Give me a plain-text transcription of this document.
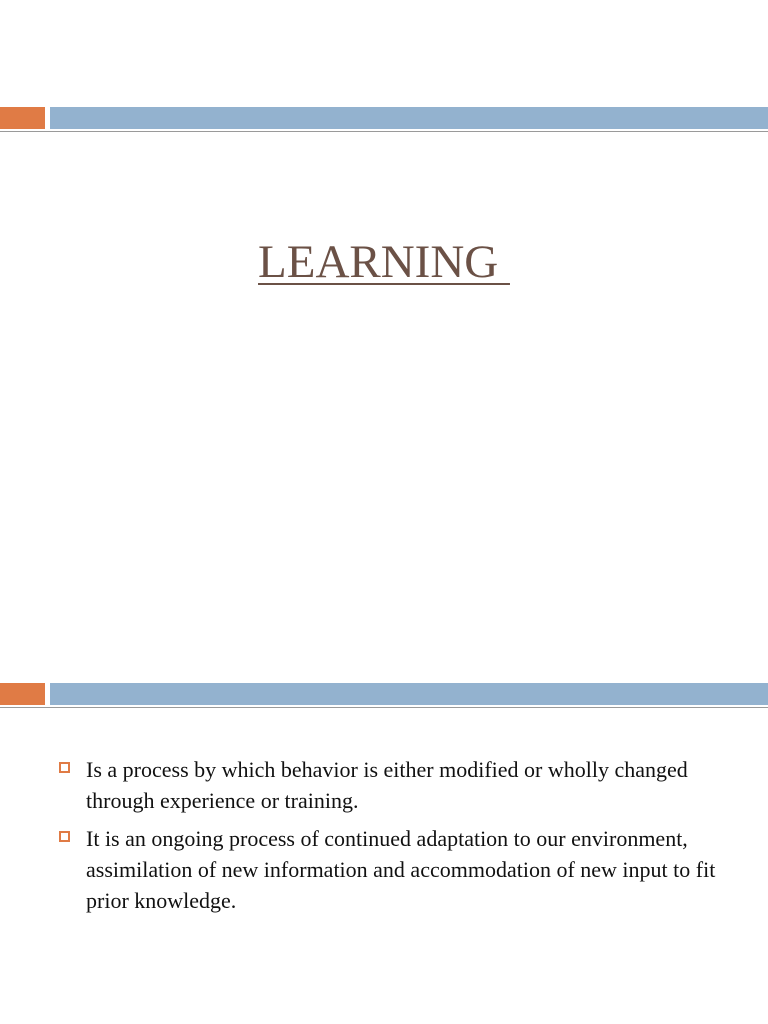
LEARNING
Is a process by which behavior is either modified or wholly changed through experience or training.
It is an ongoing process of continued adaptation to our environment, assimilation of new information and accommodation of new input to fit prior knowledge.
